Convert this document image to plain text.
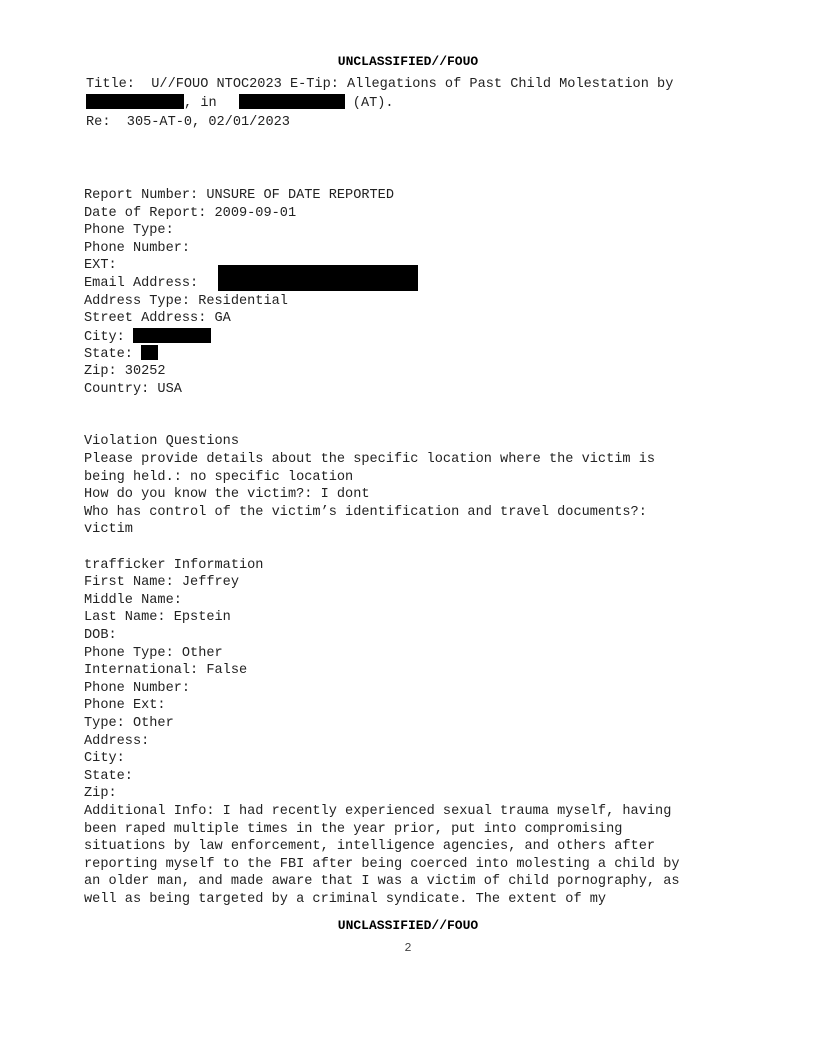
UNCLASSIFIED//FOUO
Title:  U//FOUO NTOC2023 E-Tip: Allegations of Past Child Molestation by
, in	(AT).
Re:  305-AT-0, 02/01/2023
Report Number: UNSURE OF DATE REPORTED
Date of Report: 2009-09-01
Phone Type:
Phone Number:
EXT:
Email Address:
Address Type: Residential
Street Address: GA
City:
State:
Zip: 30252
Country: USA
Violation Questions
Please provide details about the specific location where the victim is
being held.: no specific location
How do you know the victim?: I dont
Who has control of the victim’s identification and travel documents?:
victim
trafficker Information
First Name: Jeffrey
Middle Name:
Last Name: Epstein
DOB:
Phone Type: Other
International: False
Phone Number:
Phone Ext:
Type: Other
Address:
City:
State:
Zip:
Additional Info: I had recently experienced sexual trauma myself, having
been raped multiple times in the year prior, put into compromising
situations by law enforcement, intelligence agencies, and others after
reporting myself to the FBI after being coerced into molesting a child by
an older man, and made aware that I was a victim of child pornography, as
well as being targeted by a criminal syndicate. The extent of my
UNCLASSIFIED//FOUO
2
